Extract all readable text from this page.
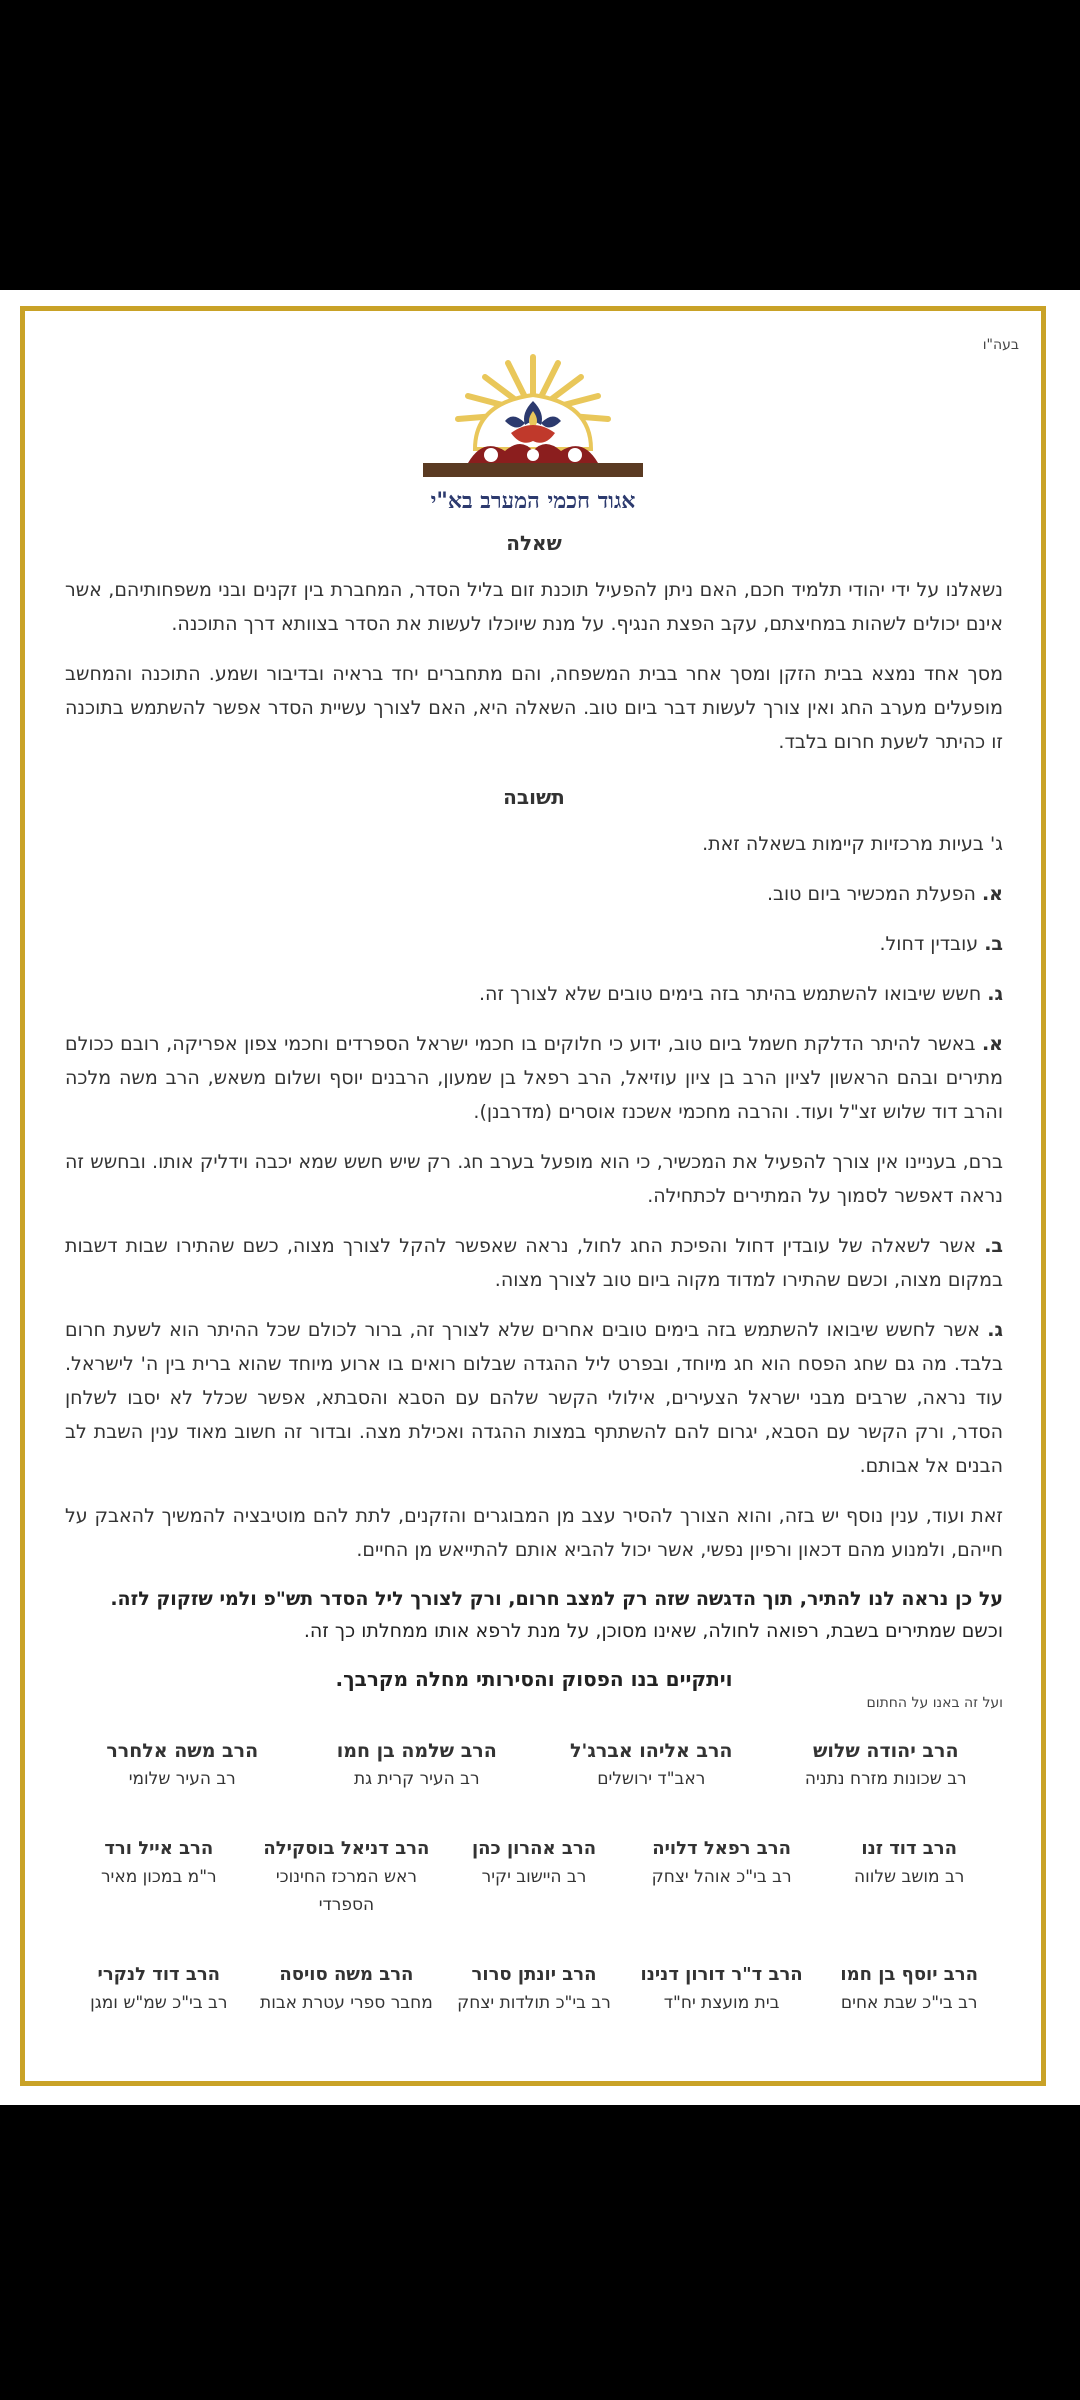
בעה"ו
אגוד חכמי המערב בא"י
שאלה

נשאלנו על ידי יהודי תלמיד חכם, האם ניתן להפעיל תוכנת זום בליל הסדר, המחברת בין זקנים ובני משפחותיהם, אשר אינם יכולים לשהות במחיצתם, עקב הפצת הנגיף. על מנת שיוכלו לעשות את הסדר בצוותא דרך התוכנה.

מסך אחד נמצא בבית הזקן ומסך אחר בבית המשפחה, והם מתחברים יחד בראיה ובדיבור ושמע. התוכנה והמחשב מופעלים מערב החג ואין צורך לעשות דבר ביום טוב. השאלה היא, האם לצורך עשיית הסדר אפשר להשתמש בתוכנה זו כהיתר לשעת חרום בלבד.

תשובה

ג' בעיות מרכזיות קיימות בשאלה זאת.

א. הפעלת המכשיר ביום טוב.

ב. עובדין דחול.

ג. חשש שיבואו להשתמש בהיתר בזה בימים טובים שלא לצורך זה.

א. באשר להיתר הדלקת חשמל ביום טוב, ידוע כי חלוקים בו חכמי ישראל הספרדים וחכמי צפון אפריקה, רובם ככולם מתירים ובהם הראשון לציון הרב בן ציון עוזיאל, הרב רפאל בן שמעון, הרבנים יוסף ושלום משאש, הרב משה מלכה והרב דוד שלוש זצ"ל ועוד. והרבה מחכמי אשכנז אוסרים (מדרבנן).

ברם, בעניינו אין צורך להפעיל את המכשיר, כי הוא מופעל בערב חג. רק שיש חשש שמא יכבה וידליק אותו. ובחשש זה נראה דאפשר לסמוך על המתירים לכתחילה.

ב. אשר לשאלה של עובדין דחול והפיכת החג לחול, נראה שאפשר להקל לצורך מצוה, כשם שהתירו שבות דשבות במקום מצוה, וכשם שהתירו למדוד מקוה ביום טוב לצורך מצוה.

ג. אשר לחשש שיבואו להשתמש בזה בימים טובים אחרים שלא לצורך זה, ברור לכולם שכל ההיתר הוא לשעת חרום בלבד. מה גם שחג הפסח הוא חג מיוחד, ובפרט ליל ההגדה שבלום רואים בו ארוע מיוחד שהוא ברית בין ה' לישראל. עוד נראה, שרבים מבני ישראל הצעירים, אילולי הקשר שלהם עם הסבא והסבתא, אפשר שכלל לא יסבו לשלחן הסדר, ורק הקשר עם הסבא, יגרום להם להשתתף במצות ההגדה ואכילת מצה. ובדור זה חשוב מאוד ענין השבת לב הבנים אל אבותם.

זאת ועוד, ענין נוסף יש בזה, והוא הצורך להסיר עצב מן המבוגרים והזקנים, לתת להם מוטיבציה להמשיך להאבק על חייהם, ולמנוע מהם דכאון ורפיון נפשי, אשר יכול להביא אותם להתייאש מן החיים.

על כן נראה לנו להתיר, תוך הדגשה שזה רק למצב חרום, ורק לצורך ליל הסדר תש"פ ולמי שזקוק לזה.
וכשם שמתירים בשבת, רפואה לחולה, שאינו מסוכן, על מנת לרפא אותו ממחלתו כך זה.
ויתקיים בנו הפסוק והסירותי מחלה מקרבך.
ועל זה באנו על החתום
הרב יהודה שלוש
רב שכונות מזרח נתניה
הרב אליהו אברג'ל
ראב"ד ירושלים
הרב שלמה בן חמו
רב העיר קרית גת
הרב משה אלחרר
רב העיר שלומי
הרב דוד זנו
רב מושב שלווה
הרב רפאל דלויה
רב בי"כ אוהל יצחק
הרב אהרון כהן
רב היישוב יקיר
הרב דניאל בוסקילה
ראש המרכז החינוכי הספרדי
הרב אייל ורד
ר"מ במכון מאיר
הרב יוסף בן חמו
רב בי"כ שבת אחים
הרב ד"ר דורון דנינו
בית מועצת יח"ד
הרב יונתן סרור
רב בי"כ תולדות יצחק
הרב משה סויסה
מחבר ספרי עטרת אבות
הרב דוד לנקרי
רב בי"כ שמ"ש ומגן
